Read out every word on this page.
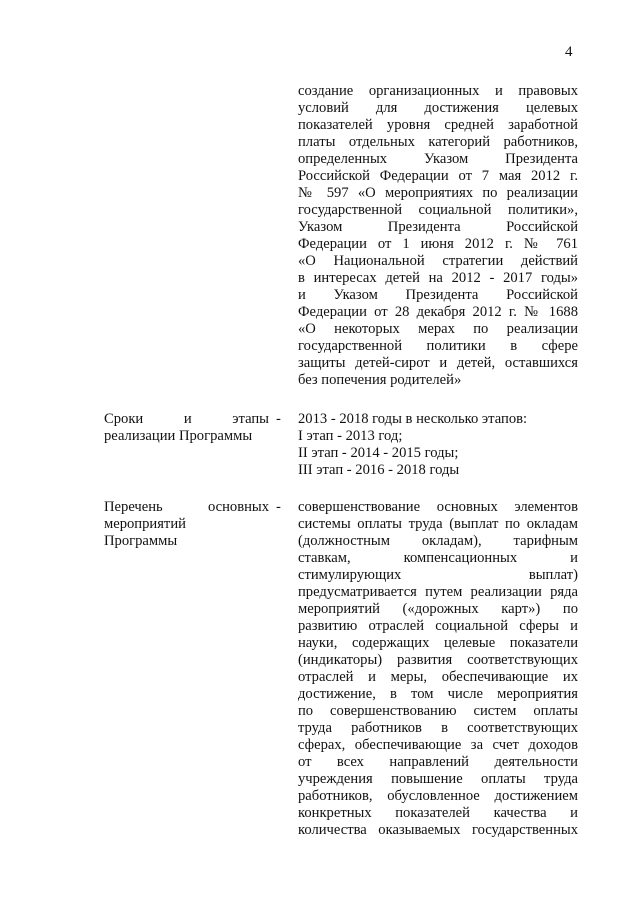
4
создание организационных и правовых
условий для достижения целевых
показателей уровня средней заработной
платы отдельных категорий работников,
определенных Указом Президента
Российской Федерации от 7 мая 2012 г.
№ 597 «О мероприятиях по реализации
государственной социальной политики»,
Указом Президента Российской
Федерации от 1 июня 2012 г. № 761
«О Национальной стратегии действий
в интересах детей на 2012 - 2017 годы»
и Указом Президента Российской
Федерации от 28 декабря 2012 г. № 1688
«О некоторых мерах по реализации
государственной политики в сфере
защиты детей-сирот и детей, оставшихся
без попечения родителей»
Сроки и этапы
реализации Программы
- 2013 - 2018 годы в несколько этапов:
I этап - 2013 год;
II этап - 2014 - 2015 годы;
III этап - 2016 - 2018 годы
Перечень основных
мероприятий
Программы
- совершенствование основных элементов
системы оплаты труда (выплат по окладам
(должностным окладам), тарифным
ставкам, компенсационных и
стимулирующих выплат)
предусматривается путем реализации ряда
мероприятий («дорожных карт») по
развитию отраслей социальной сферы и
науки, содержащих целевые показатели
(индикаторы) развития соответствующих
отраслей и меры, обеспечивающие их
достижение, в том числе мероприятия
по совершенствованию систем оплаты
труда работников в соответствующих
сферах, обеспечивающие за счет доходов
от всех направлений деятельности
учреждения повышение оплаты труда
работников, обусловленное достижением
конкретных показателей качества и
количества оказываемых государственных
